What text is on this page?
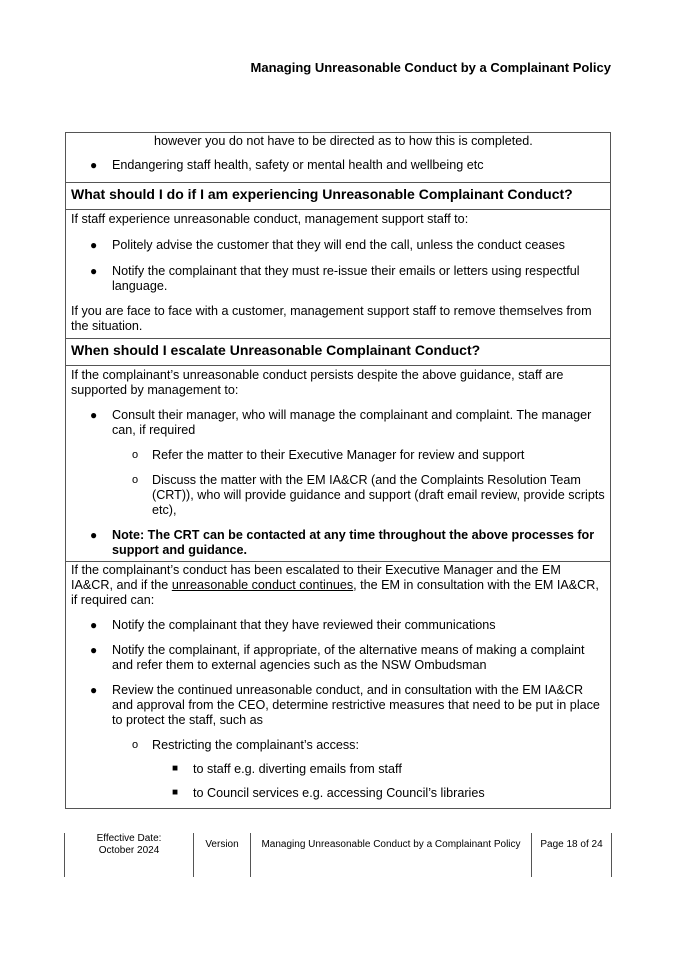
Managing Unreasonable Conduct by a Complainant Policy
however you do not have to be directed as to how this is completed.
● Endangering staff health, safety or mental health and wellbeing etc
What should I do if I am experiencing Unreasonable Complainant Conduct?
If staff experience unreasonable conduct, management support staff to:
● Politely advise the customer that they will end the call, unless the conduct ceases
● Notify the complainant that they must re-issue their emails or letters using respectful language.
If you are face to face with a customer, management support staff to remove themselves from the situation.
When should I escalate Unreasonable Complainant Conduct?
If the complainant’s unreasonable conduct persists despite the above guidance, staff are supported by management to:
● Consult their manager, who will manage the complainant and complaint. The manager can, if required
o Refer the matter to their Executive Manager for review and support
o Discuss the matter with the EM IA&CR (and the Complaints Resolution Team (CRT)), who will provide guidance and support (draft email review, provide scripts etc),
● Note: The CRT can be contacted at any time throughout the above processes for support and guidance.
If the complainant’s conduct has been escalated to their Executive Manager and the EM IA&CR, and if the unreasonable conduct continues, the EM in consultation with the EM IA&CR, if required can:
● Notify the complainant that they have reviewed their communications
● Notify the complainant, if appropriate, of the alternative means of making a complaint and refer them to external agencies such as the NSW Ombudsman
● Review the continued unreasonable conduct, and in consultation with the EM IA&CR and approval from the CEO, determine restrictive measures that need to be put in place to protect the staff, such as
o Restricting the complainant’s access:
■ to staff e.g. diverting emails from staff
■ to Council services e.g. accessing Council’s libraries
Effective Date: October 2024
Version	Managing Unreasonable Conduct by a Complainant Policy	Page 18 of 24
